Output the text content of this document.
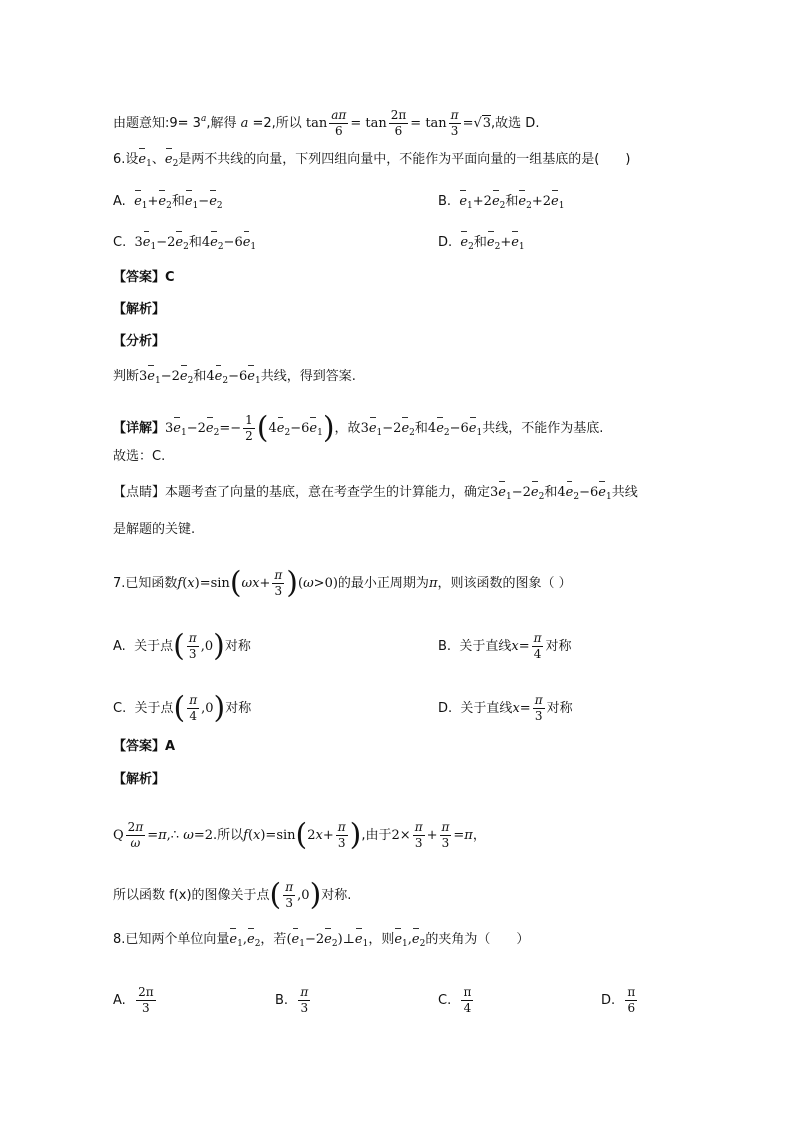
由题意知:9= $3^a$,解得 a =2,所以 $\tan \frac{a\pi}{6} = \tan \frac{2\pi}{6} = \tan \frac{\pi}{3} =√3$,故选 D.
6.设$e_1$、$e_2$是两不共线的向量，下列四组向量中，不能作为平面向量的一组基底的是(　　)
A. $e_1+e_2$和$e_1-e_2$	B. $e_1+2e_2$和$e_2+2e_1$
C. $3e_1-2e_2$和$4e_2-6e_1$	D. $e_2$和$e_2+e_1$
【答案】C
【解析】
【分析】
判断$3e_1-2e_2$和$4e_2-6e_1$共线，得到答案.
【详解】$3e_1-2e_2=- \frac{1}{2} (4e_2-6e_1)$，故$3e_1-2e_2$和$4e_2-6e_1$共线，不能作为基底.
故选：C.
【点睛】本题考查了向量的基底，意在考查学生的计算能力，确定$3e_1-2e_2$和$4e_2-6e_1$共线
是解题的关键.
7.已知函数$f(x)=\sin(\omega x+ \frac{\pi}{3} )(\omega>0)$的最小正周期为π，则该函数的图象（ ）
A. 关于点( $\frac{\pi}{3} ,0$)对称	B. 关于直线$x= \frac{\pi}{4}$ 对称
C. 关于点( $\frac{\pi}{4} ,0$)对称	D. 关于直线$x= \frac{\pi}{3}$ 对称
【答案】A
【解析】
Q $\frac{2\pi}{\omega}$ =π,∴ ω=2.所以$f(x)=\sin(2x+ \frac{\pi}{3}$ ),由于$2\times \frac{\pi}{3} + \frac{\pi}{3} =\pi$，
所以函数 f(x)的图像关于点( $\frac{\pi}{3} ,0$)对称.
8.已知两个单位向量$e_1,e_2$，若$(e_1-2e_2)\perp e_1$，则$e_1,e_2$的夹角为（　　）
A. $\frac{2\pi}{3}$	B. $\frac{\pi}{3}$	C. $\frac{\pi}{4}$	D. $\frac{\pi}{6}$
